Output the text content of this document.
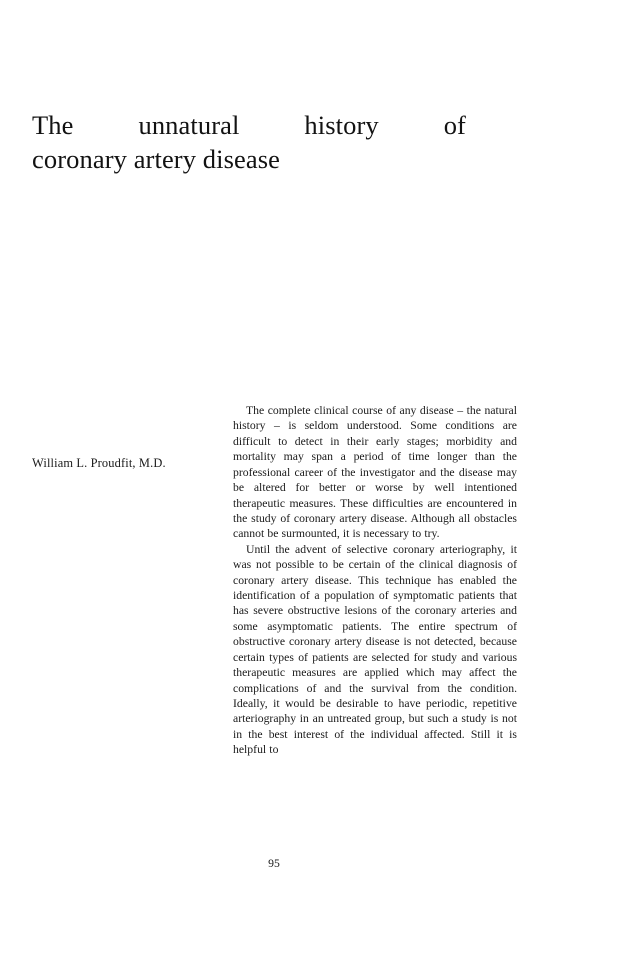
The unnatural history of
coronary artery disease
William L. Proudfit, M.D.

The complete clinical course of any disease – the natural history – is seldom understood. Some conditions are difficult to detect in their early stages; morbidity and mortality may span a period of time longer than the professional career of the investigator and the disease may be altered for better or worse by well intentioned therapeutic measures. These difficulties are encountered in the study of coronary artery disease. Although all obstacles cannot be surmounted, it is necessary to try.

Until the advent of selective coronary arteriography, it was not possible to be certain of the clinical diagnosis of coronary artery disease. This technique has enabled the identification of a population of symptomatic patients that has severe obstructive lesions of the coronary arteries and some asymptomatic patients. The entire spectrum of obstructive coronary artery disease is not detected, because certain types of patients are selected for study and various therapeutic measures are applied which may affect the complications of and the survival from the condition. Ideally, it would be desirable to have periodic, repetitive arteriography in an untreated group, but such a study is not in the best interest of the individual affected. Still it is helpful to

95
